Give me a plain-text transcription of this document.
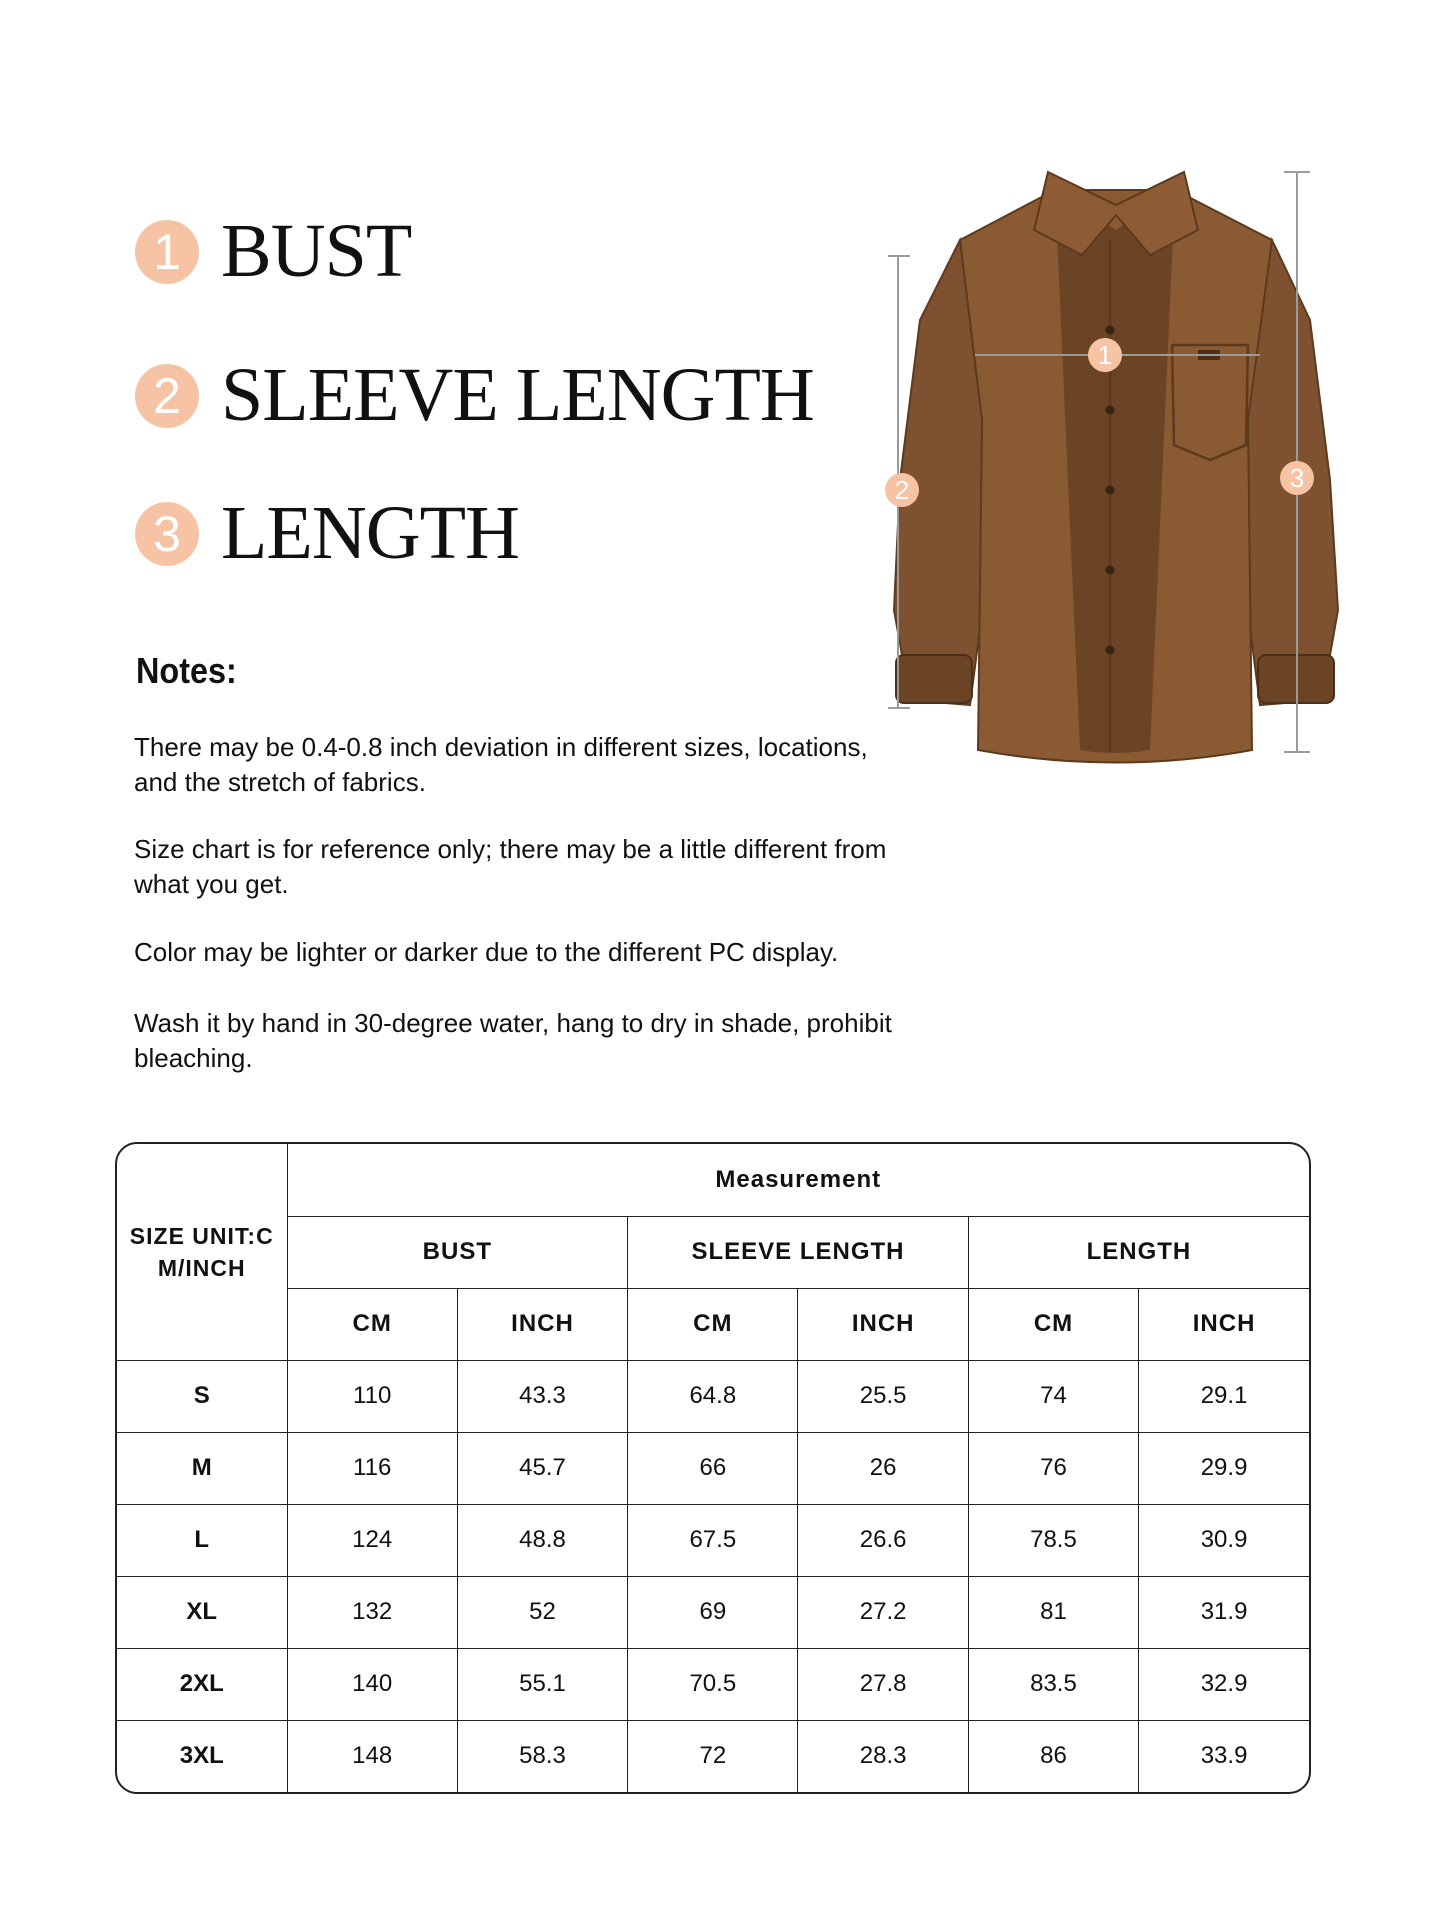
1 BUST
2 SLEEVE LENGTH
3 LENGTH
Notes:
There may be 0.4-0.8 inch deviation in different sizes, locations, and the stretch of fabrics.
Size chart is for reference only; there may be a little different from what you get.
Color may be lighter or darker due to the different PC display.
Wash it by hand in 30-degree water, hang to dry in shade, prohibit bleaching.
1
2	3
SIZE UNIT:CM/INCH	Measurement					
	BUST		SLEEVE LENGTH		LENGTH	
	CM	INCH	CM	INCH	CM	INCH
S	110	43.3	64.8	25.5	74	29.1
M	116	45.7	66	26	76	29.9
L	124	48.8	67.5	26.6	78.5	30.9
XL	132	52	69	27.2	81	31.9
2XL	140	55.1	70.5	27.8	83.5	32.9
3XL	148	58.3	72	28.3	86	33.9
